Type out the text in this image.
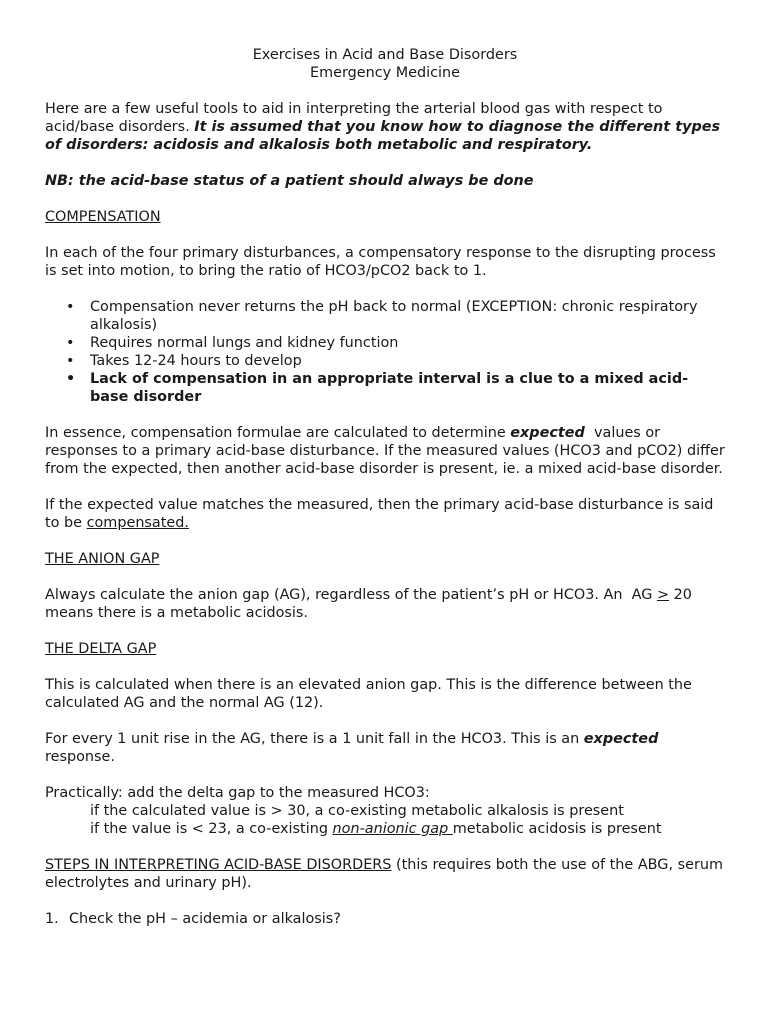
Exercises in Acid and Base Disorders

Emergency Medicine

Here are a few useful tools to aid in interpreting the arterial blood gas with respect to acid/base disorders. It is assumed that you know how to diagnose the different types of disorders: acidosis and alkalosis both metabolic and respiratory.

NB: the acid-base status of a patient should always be done

COMPENSATION

In each of the four primary disturbances, a compensatory response to the disrupting process is set into motion, to bring the ratio of HCO3/pCO2 back to 1.

• Compensation never returns the pH back to normal (EXCEPTION: chronic respiratory alkalosis)
• Requires normal lungs and kidney function
• Takes 12-24 hours to develop
• Lack of compensation in an appropriate interval is a clue to a mixed acid-base disorder

In essence, compensation formulae are calculated to determine expected  values or responses to a primary acid-base disturbance. If the measured values (HCO3 and pCO2) differ from the expected, then another acid-base disorder is present, ie. a mixed acid-base disorder.

If the expected value matches the measured, then the primary acid-base disturbance is said to be compensated.

THE ANION GAP

Always calculate the anion gap (AG), regardless of the patient’s pH or HCO3. An  AG > 20 means there is a metabolic acidosis.

THE DELTA GAP

This is calculated when there is an elevated anion gap. This is the difference between the calculated AG and the normal AG (12).

For every 1 unit rise in the AG, there is a 1 unit fall in the HCO3. This is an expected response.

Practically: add the delta gap to the measured HCO3:

if the calculated value is > 30, a co-existing metabolic alkalosis is present

if the value is < 23, a co-existing non-anionic gap metabolic acidosis is present

STEPS IN INTERPRETING ACID-BASE DISORDERS (this requires both the use of the ABG, serum electrolytes and urinary pH).

1. Check the pH – acidemia or alkalosis?
